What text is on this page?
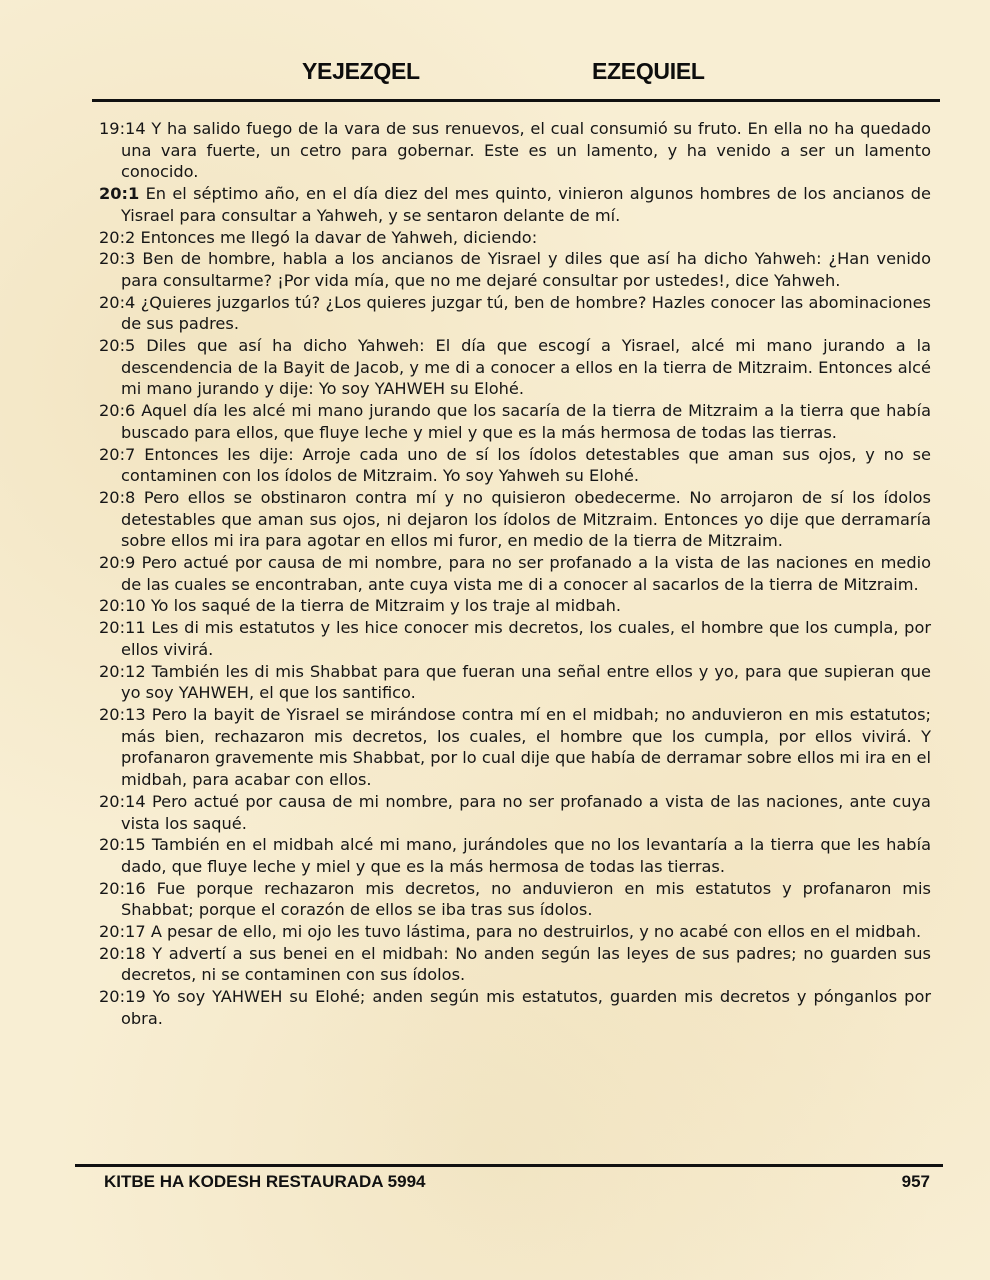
YEJEZQEL	EZEQUIEL

19:14 Y ha salido fuego de la vara de sus renuevos, el cual consumió su fruto. En ella no ha quedado una vara fuerte, un cetro para gobernar. Este es un lamento, y ha venido a ser un lamento conocido.

20:1 En el séptimo año, en el día diez del mes quinto, vinieron algunos hombres de los ancianos de Yisrael para consultar a Yahweh, y se sentaron delante de mí.

20:2 Entonces me llegó la davar de Yahweh, diciendo:

20:3 Ben de hombre, habla a los ancianos de Yisrael y diles que así ha dicho Yahweh: ¿Han venido para consultarme? ¡Por vida mía, que no me dejaré consultar por ustedes!, dice Yahweh.

20:4 ¿Quieres juzgarlos tú? ¿Los quieres juzgar tú, ben de hombre? Hazles conocer las abominaciones de sus padres.

20:5 Diles que así ha dicho Yahweh: El día que escogí a Yisrael, alcé mi mano jurando a la descendencia de la Bayit de Jacob, y me di a conocer a ellos en la tierra de Mitzraim. Entonces alcé mi mano jurando y dije: Yo soy YAHWEH su Elohé.

20:6 Aquel día les alcé mi mano jurando que los sacaría de la tierra de Mitzraim a la tierra que había buscado para ellos, que fluye leche y miel y que es la más hermosa de todas las tierras.

20:7 Entonces les dije: Arroje cada uno de sí los ídolos detestables que aman sus ojos, y no se contaminen con los ídolos de Mitzraim. Yo soy Yahweh su Elohé.

20:8 Pero ellos se obstinaron contra mí y no quisieron obedecerme. No arrojaron de sí los ídolos detestables que aman sus ojos, ni dejaron los ídolos de Mitzraim. Entonces yo dije que derramaría sobre ellos mi ira para agotar en ellos mi furor, en medio de la tierra de Mitzraim.

20:9 Pero actué por causa de mi nombre, para no ser profanado a la vista de las naciones en medio de las cuales se encontraban, ante cuya vista me di a conocer al sacarlos de la tierra de Mitzraim.

20:10 Yo los saqué de la tierra de Mitzraim y los traje al midbah.

20:11 Les di mis estatutos y les hice conocer mis decretos, los cuales, el hombre que los cumpla, por ellos vivirá.

20:12 También les di mis Shabbat para que fueran una señal entre ellos y yo, para que supieran que yo soy YAHWEH, el que los santifico.

20:13 Pero la bayit de Yisrael se mirándose contra mí en el midbah; no anduvieron en mis estatutos; más bien, rechazaron mis decretos, los cuales, el hombre que los cumpla, por ellos vivirá. Y profanaron gravemente mis Shabbat, por lo cual dije que había de derramar sobre ellos mi ira en el midbah, para acabar con ellos.

20:14 Pero actué por causa de mi nombre, para no ser profanado a vista de las naciones, ante cuya vista los saqué.

20:15 También en el midbah alcé mi mano, jurándoles que no los levantaría a la tierra que les había dado, que fluye leche y miel y que es la más hermosa de todas las tierras.

20:16 Fue porque rechazaron mis decretos, no anduvieron en mis estatutos y profanaron mis Shabbat; porque el corazón de ellos se iba tras sus ídolos.

20:17 A pesar de ello, mi ojo les tuvo lástima, para no destruirlos, y no acabé con ellos en el midbah.

20:18 Y advertí a sus benei en el midbah: No anden según las leyes de sus padres; no guarden sus decretos, ni se contaminen con sus ídolos.

20:19 Yo soy YAHWEH su Elohé; anden según mis estatutos, guarden mis decretos y pónganlos por obra.

KITBE HA KODESH RESTAURADA 5994	957
